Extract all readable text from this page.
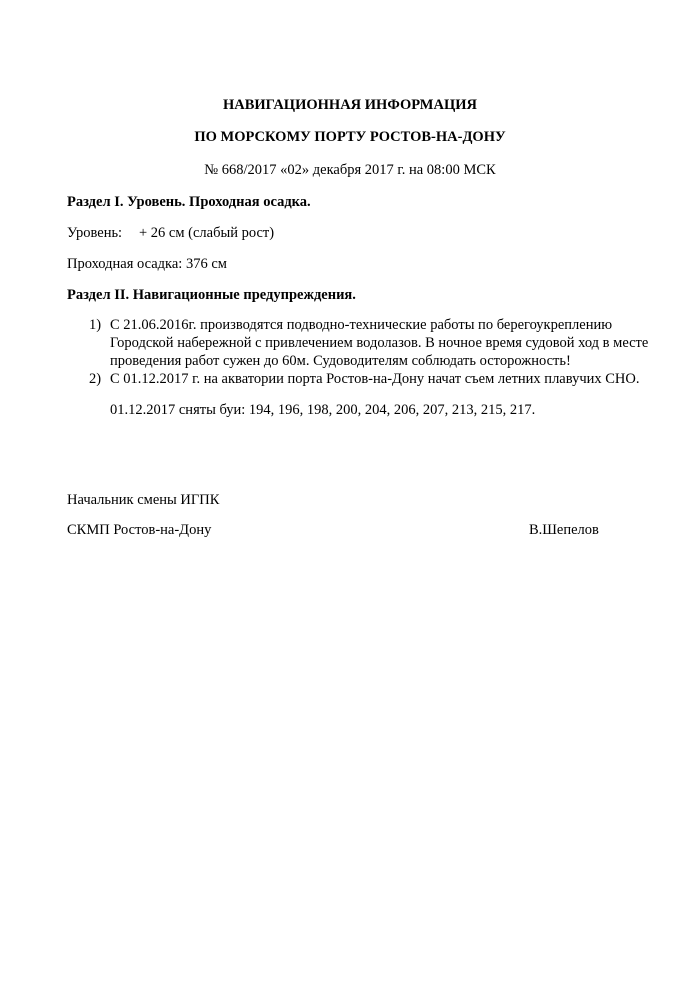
НАВИГАЦИОННАЯ ИНФОРМАЦИЯ
ПО МОРСКОМУ ПОРТУ РОСТОВ-НА-ДОНУ
№ 668/2017 «02» декабря 2017 г. на 08:00 МСК
Раздел I. Уровень. Проходная осадка.
Уровень: + 26 см (слабый рост)
Проходная осадка: 376 см
Раздел II. Навигационные предупреждения.
1) С 21.06.2016г. производятся подводно-технические работы по берегоукреплению
Городской набережной с привлечением водолазов. В ночное время судовой ход в месте
проведения работ сужен до 60м. Судоводителям соблюдать осторожность!
2) С 01.12.2017 г. на акватории порта Ростов-на-Дону начат съем летних плавучих СНО.
01.12.2017 сняты буи: 194, 196, 198, 200, 204, 206, 207, 213, 215, 217.
Начальник смены ИГПК
СКМП Ростов-на-Дону	В.Шепелов
